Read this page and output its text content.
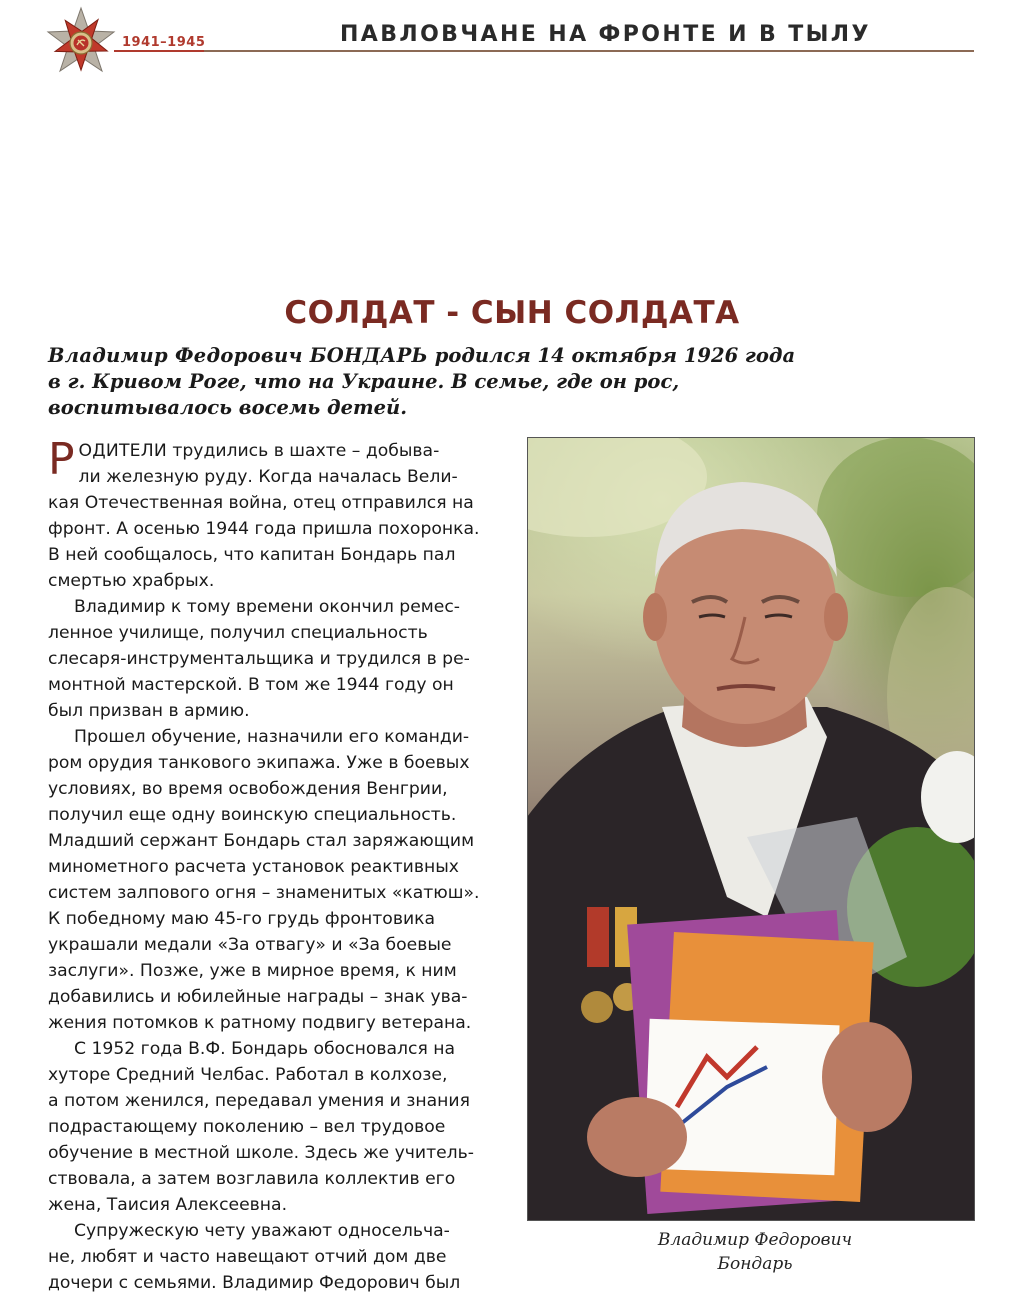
1941–1945	ПАВЛОВЧАНЕ НА ФРОНТЕ И В ТЫЛУ
СОЛДАТ - СЫН СОЛДАТА
Владимир Федорович БОНДАРЬ родился 14 октября 1926 года
в г. Кривом Роге, что на Украине. В семье, где он рос,
воспитывалось восемь детей.
Р ОДИТЕЛИ трудились в шахте – добыва-
ли железную руду. Когда началась Вели-
кая Отечественная война, отец отправился на
фронт. А осенью 1944 года пришла похоронка.
В ней сообщалось, что капитан Бондарь пал
смертью храбрых.
Владимир к тому времени окончил ремес-
ленное училище, получил специальность
слесаря-инструментальщика и трудился в ре-
монтной мастерской. В том же 1944 году он
был призван в армию.
Прошел обучение, назначили его команди-
ром орудия танкового экипажа. Уже в боевых
условиях, во время освобождения Венгрии,
получил еще одну воинскую специальность.
Младший сержант Бондарь стал заряжающим
минометного расчета установок реактивных
систем залпового огня – знаменитых «катюш».
К победному маю 45-го грудь фронтовика
украшали медали «За отвагу» и «За боевые
заслуги». Позже, уже в мирное время, к ним
добавились и юбилейные награды – знак ува-
жения потомков к ратному подвигу ветерана.
С 1952 года В.Ф. Бондарь обосновался на
хуторе Средний Челбас. Работал в колхозе,
а потом женился, передавал умения и знания
подрастающему поколению – вел трудовое
обучение в местной школе. Здесь же учитель-
ствовала, а затем возглавила коллектив его
жена, Таисия Алексеевна.
Супружескую чету уважают односельча-
не, любят и часто навещают отчий дом две
дочери с семьями. Владимир Федорович был
Владимир Федорович
Бондарь
